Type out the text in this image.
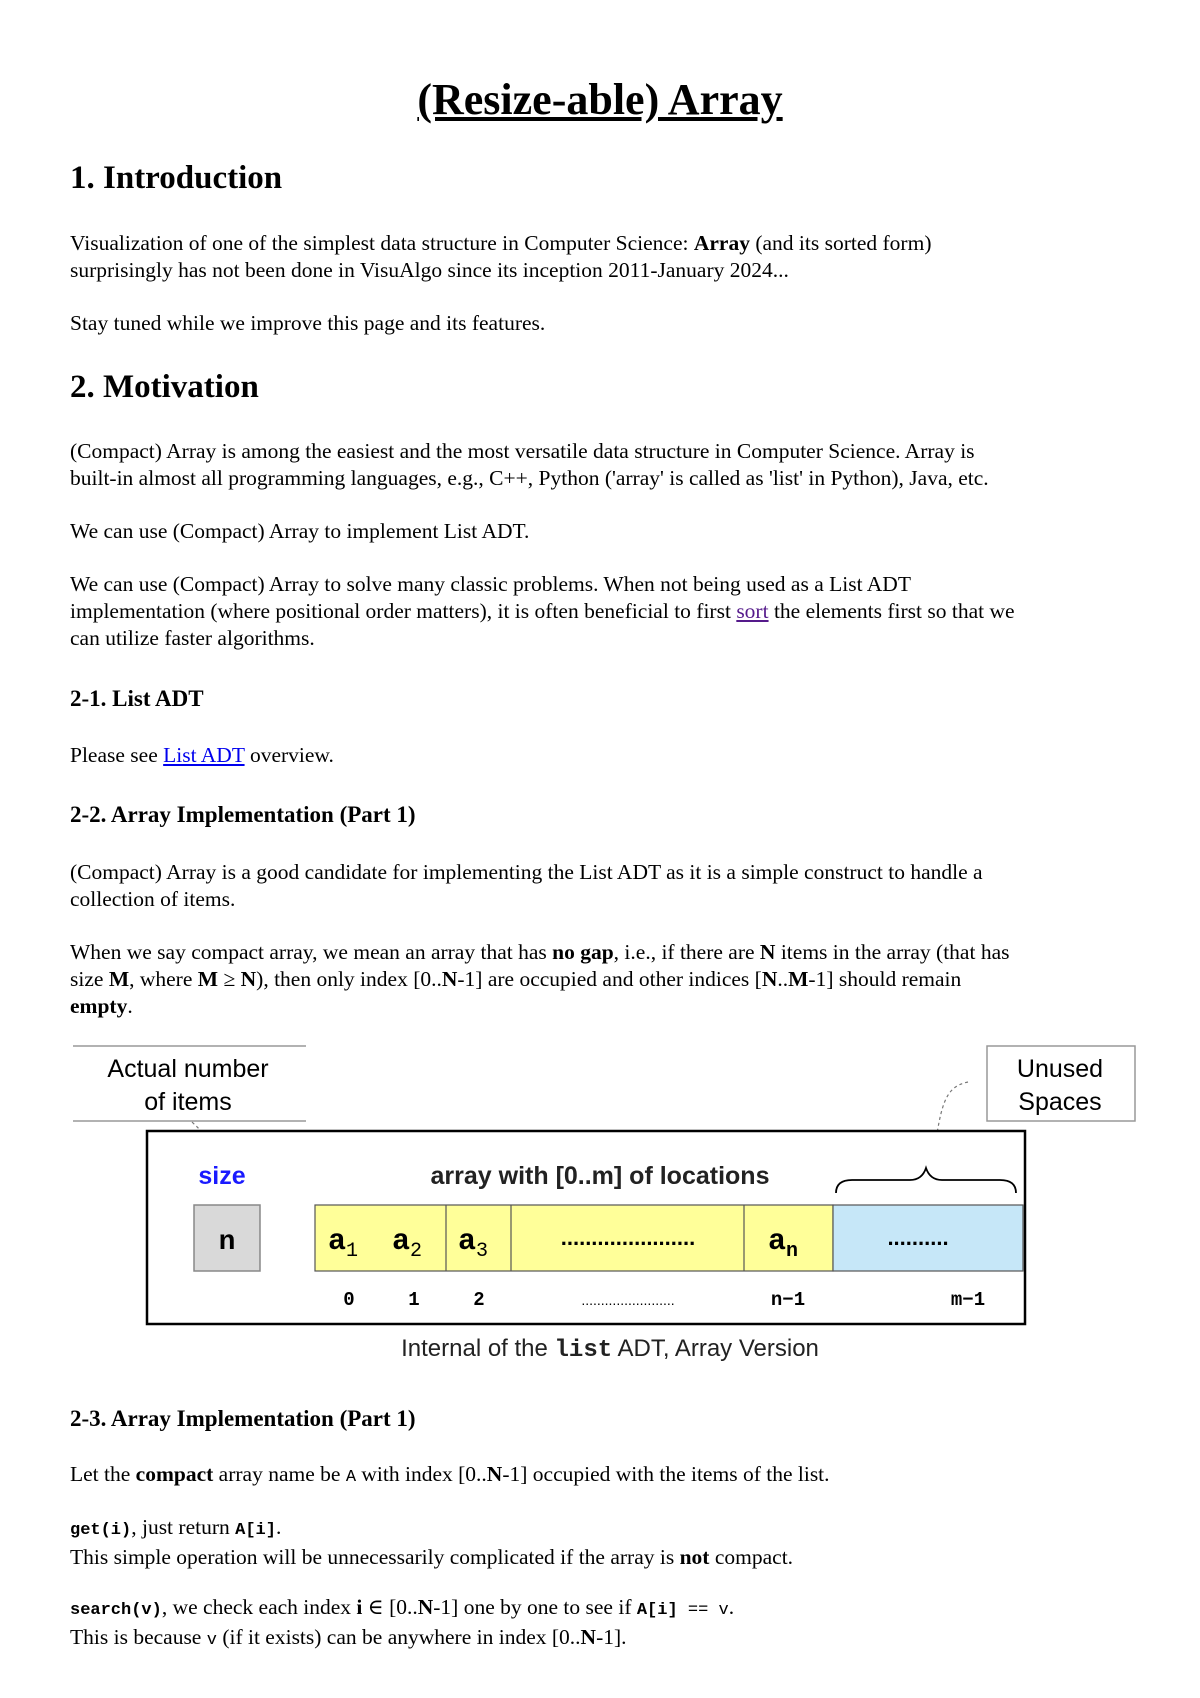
(Resize-able) Array
1. Introduction

Visualization of one of the simplest data structure in Computer Science: Array (and its sorted form)
surprisingly has not been done in VisuAlgo since its inception 2011-January 2024...

Stay tuned while we improve this page and its features.

2. Motivation

(Compact) Array is among the easiest and the most versatile data structure in Computer Science. Array is
built-in almost all programming languages, e.g., C++, Python ('array' is called as 'list' in Python), Java, etc.

We can use (Compact) Array to implement List ADT.

We can use (Compact) Array to solve many classic problems. When not being used as a List ADT
implementation (where positional order matters), it is often beneficial to first sort the elements first so that we
can utilize faster algorithms.

2-1. List ADT

Please see List ADT overview.

2-2. Array Implementation (Part 1)

(Compact) Array is a good candidate for implementing the List ADT as it is a simple construct to handle a
collection of items.

When we say compact array, we mean an array that has no gap, i.e., if there are N items in the array (that has
size M, where M ≥ N), then only index [0..N-1] are occupied and other indices [N..M-1] should remain
empty.

Actual number
of items
Unused
Spaces
size
n
array with [0..m] of locations
$a_1$ $a_2$ $a_3$
...................... $a_n$
..........
0	1	2	........................	n−1	m−1
Internal of the list ADT, Array Version
2-3. Array Implementation (Part 1)

Let the compact array name be A with index [0..N-1] occupied with the items of the list.

get(i), just return A[i].
This simple operation will be unnecessarily complicated if the array is not compact.

search(v), we check each index i ∈ [0..N-1] one by one to see if A[i] == v.
This is because v (if it exists) can be anywhere in index [0..N-1].
